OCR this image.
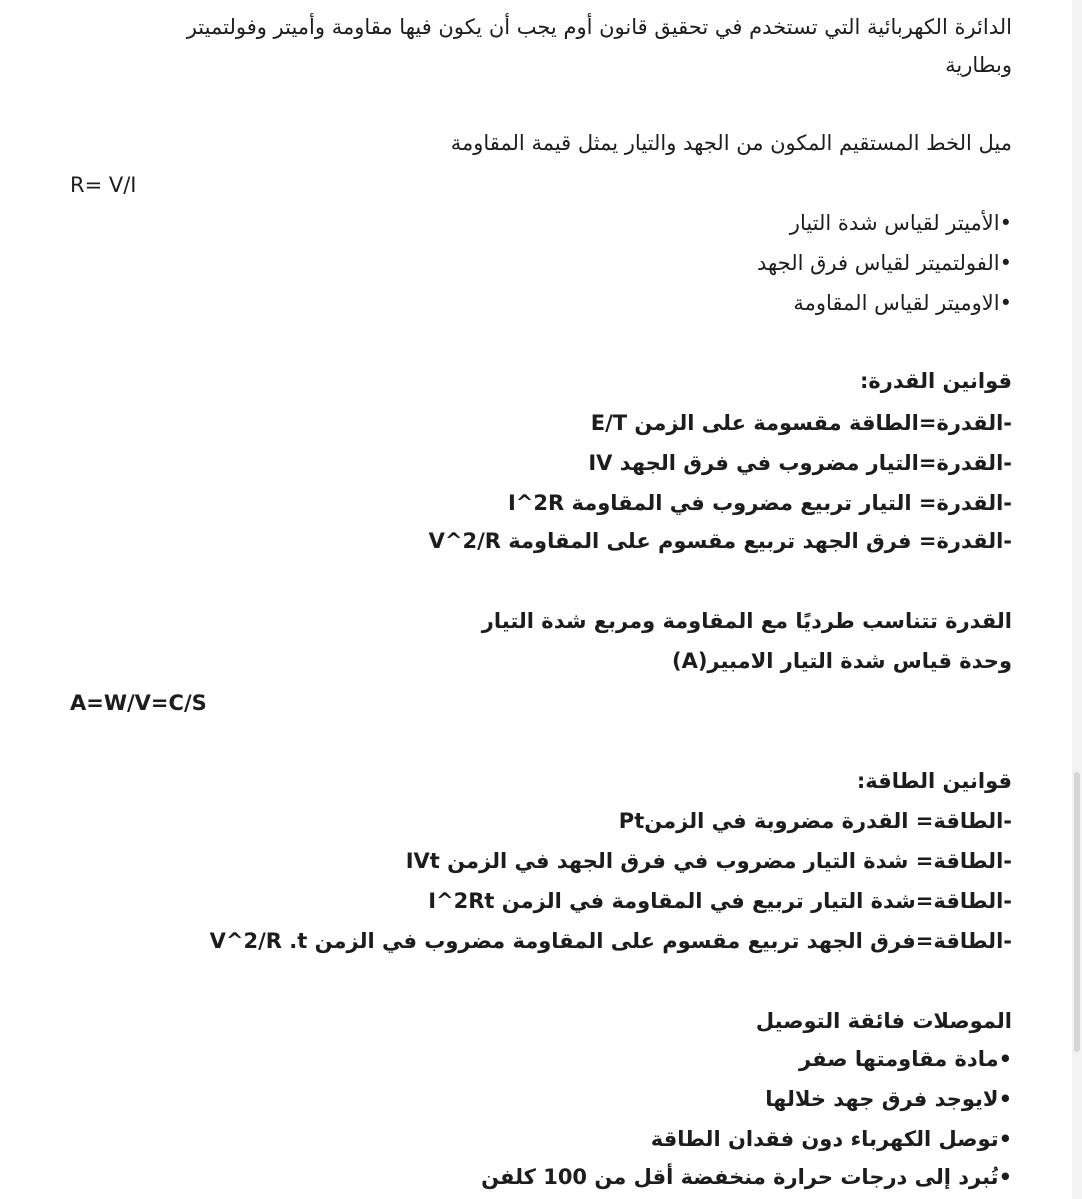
الدائرة الكهربائية التي تستخدم في تحقيق قانون أوم يجب أن يكون فيها مقاومة وأميتر وفولتميتر
وبطارية
ميل الخط المستقيم المكون من الجهد والتيار يمثل قيمة المقاومة
R= V/I
•الأميتر لقياس شدة التيار
•الفولتميتر لقياس فرق الجهد
•الاوميتر لقياس المقاومة
قوانين القدرة:
-القدرة=الطاقة مقسومة على الزمن E/T
-القدرة=التيار مضروب في فرق الجهد IV
-القدرة= التيار تربيع مضروب في المقاومة I^2R
-القدرة= فرق الجهد تربيع مقسوم على المقاومة V^2/R
القدرة تتناسب طرديًا مع المقاومة ومربع شدة التيار
وحدة قياس شدة التيار الامبير(A)
A=W/V=C/S
قوانين الطاقة:
-الطاقة= القدرة مضروبة في الزمنPt
-الطاقة= شدة التيار مضروب في فرق الجهد في الزمن IVt
-الطاقة=شدة التيار تربيع في المقاومة في الزمن I^2Rt
-الطاقة=فرق الجهد تربيع مقسوم على المقاومة مضروب في الزمن V^2/R .t
الموصلات فائقة التوصيل
•مادة مقاومتها صفر
•لايوجد فرق جهد خلالها
•توصل الكهرباء دون فقدان الطاقة
•تُبرد إلى درجات حرارة منخفضة أقل من 100 كلفن
